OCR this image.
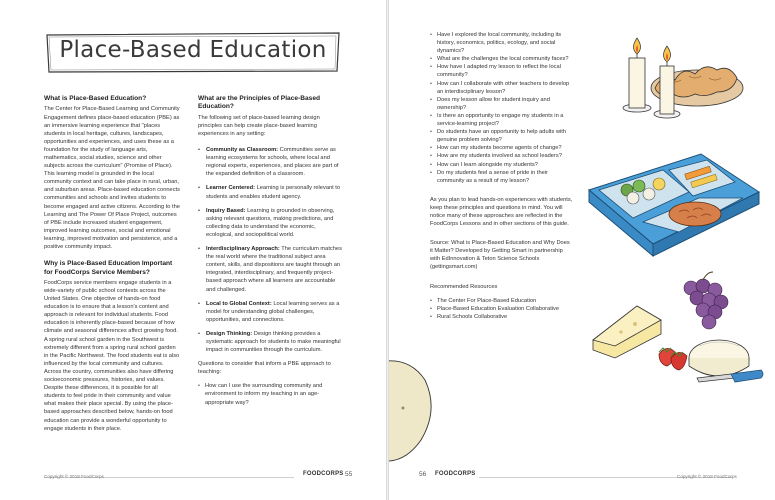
Place-Based Education
What is Place-Based Education?

The Center for Place-Based Learning and Community Engagement defines place-based education (PBE) as an immersive learning experience that "places students in local heritage, cultures, landscapes, opportunities and experiences, and uses these as a foundation for the study of language arts, mathematics, social studies, science and other subjects across the curriculum" (Promise of Place). This learning model is grounded in the local community context and can take place in rural, urban, and suburban areas. Place-based education connects communities and schools and invites students to become engaged and active citizens. According to the Learning and The Power Of Place Project, outcomes of PBE include increased student engagement, improved learning outcomes, social and emotional learning, improved motivation and persistence, and a positive community impact.

Why is Place-Based Education Important for FoodCorps Service Members?

FoodCorps service members engage students in a wide-variety of public school contexts across the United States. One objective of hands-on food education is to ensure that a lesson's content and approach is relevant for individual students. Food education is inherently place-based because of how climate and seasonal differences affect growing food. A spring rural school garden in the Southwest is extremely different from a spring rural school garden in the Pacific Northwest. The food students eat is also influenced by the local community and cultures. Across the country, communities also have differing socioeconomic pressures, histories, and values. Despite these differences, it is possible for all students to feel pride in their community and value what makes their place special. By using the place-based approaches described below, hands-on food education can provide a wonderful opportunity to engage students in their place.

What are the Principles of Place-Based Education?

The following set of place-based learning design principles can help create place-based learning experiences in any setting:

• Community as Classroom: Communities serve as learning ecosystems for schools, where local and regional experts, experiences, and places are part of the expanded definition of a classroom.
• Learner Centered: Learning is personally relevant to students and enables student agency.
• Inquiry Based: Learning is grounded in observing, asking relevant questions, making predictions, and collecting data to understand the economic, ecological, and sociopolitical world.
• Interdisciplinary Approach: The curriculum matches the real world where the traditional subject area content, skills, and dispositions are taught through an integrated, interdisciplinary, and frequently project-based approach where all learners are accountable and challenged.
• Local to Global Context: Local learning serves as a model for understanding global challenges, opportunities, and connections.
• Design Thinking: Design thinking provides a systematic approach for students to make meaningful impact in communities through the curriculum.

Questions to consider that inform a PBE approach to teaching:

• How can I use the surrounding community and environment to inform my teaching in an age-appropriate way?
Copyright © 2018 FoodCorps	FOODCORPS 55
• Have I explored the local community, including its history, economics, politics, ecology, and social dynamics?
• What are the challenges the local community faces?
• How have I adapted my lesson to reflect the local community?
• How can I collaborate with other teachers to develop an interdisciplinary lesson?
• Does my lesson allow for student inquiry and ownership?
• Is there an opportunity to engage my students in a service-learning project?
• Do students have an opportunity to help adults with genuine problem solving?
• How can my students become agents of change?
• How are my students involved as school leaders?
• How can I learn alongside my students?
• Do my students feel a sense of pride in their community as a result of my lesson?

As you plan to lead hands-on experiences with students, keep these principles and questions in mind. You will notice many of these approaches are reflected in the FoodCorps Lessons and in other sections of this guide.

Source: What is Place-Based Education and Why Does it Matter? Developed by Getting Smart in partnership with EdInnovation & Teton Science Schools (gettingsmart.com)

Recommended Resources

• The Center For Place-Based Education
• Place-Based Education Evaluation Collaborative
• Rural Schools Collaborative
56 FOODCORPS	Copyright © 2018 FoodCorps
